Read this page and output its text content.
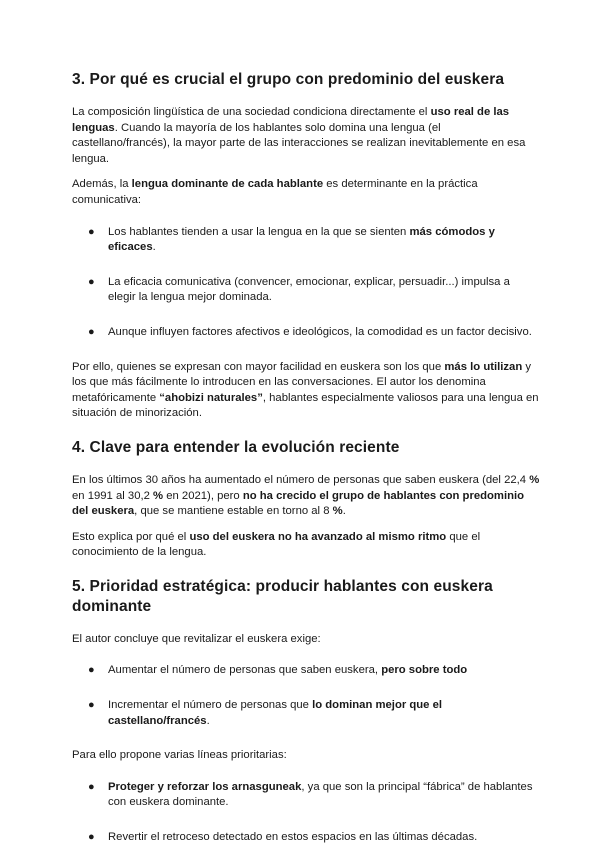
3. Por qué es crucial el grupo con predominio del euskera

La composición lingüística de una sociedad condiciona directamente el uso real de las lenguas. Cuando la mayoría de los hablantes solo domina una lengua (el castellano/francés), la mayor parte de las interacciones se realizan inevitablemente en esa lengua.

Además, la lengua dominante de cada hablante es determinante en la práctica comunicativa:

● Los hablantes tienden a usar la lengua en la que se sienten más cómodos y eficaces.
● La eficacia comunicativa (convencer, emocionar, explicar, persuadir...) impulsa a elegir la lengua mejor dominada.
● Aunque influyen factores afectivos e ideológicos, la comodidad es un factor decisivo.

Por ello, quienes se expresan con mayor facilidad en euskera son los que más lo utilizan y los que más fácilmente lo introducen en las conversaciones. El autor los denomina metafóricamente “ahobizi naturales”, hablantes especialmente valiosos para una lengua en situación de minorización.

4. Clave para entender la evolución reciente

En los últimos 30 años ha aumentado el número de personas que saben euskera (del 22,4 % en 1991 al 30,2 % en 2021), pero no ha crecido el grupo de hablantes con predominio del euskera, que se mantiene estable en torno al 8 %.

Esto explica por qué el uso del euskera no ha avanzado al mismo ritmo que el conocimiento de la lengua.

5. Prioridad estratégica: producir hablantes con euskera dominante

El autor concluye que revitalizar el euskera exige:

● Aumentar el número de personas que saben euskera, pero sobre todo
● Incrementar el número de personas que lo dominan mejor que el castellano/francés.

Para ello propone varias líneas prioritarias:

● Proteger y reforzar los arnasguneak, ya que son la principal “fábrica” de hablantes con euskera dominante.
● Revertir el retroceso detectado en estos espacios en las últimas décadas.
